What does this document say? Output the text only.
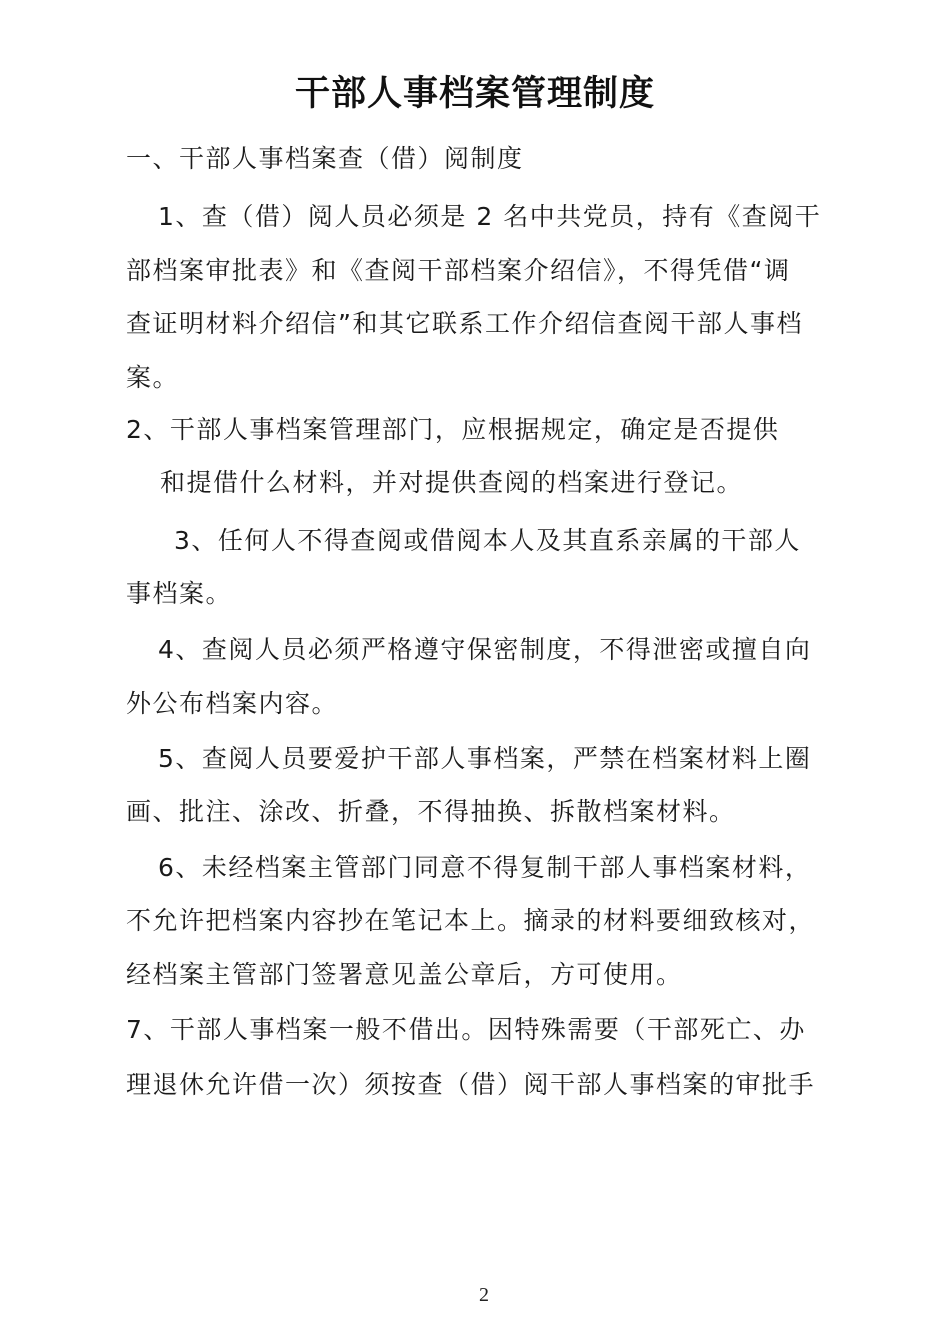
干部人事档案管理制度
一、干部人事档案查（借）阅制度
1、查（借）阅人员必须是 2 名中共党员，持有《查阅干
部档案审批表》和《查阅干部档案介绍信》，不得凭借“调
查证明材料介绍信”和其它联系工作介绍信查阅干部人事档
案。
2、干部人事档案管理部门，应根据规定，确定是否提供
和提借什么材料，并对提供查阅的档案进行登记。
3、任何人不得查阅或借阅本人及其直系亲属的干部人
事档案。
4、查阅人员必须严格遵守保密制度，不得泄密或擅自向
外公布档案内容。
5、查阅人员要爱护干部人事档案，严禁在档案材料上圈
画、批注、涂改、折叠，不得抽换、拆散档案材料。
6、未经档案主管部门同意不得复制干部人事档案材料，
不允许把档案内容抄在笔记本上。摘录的材料要细致核对，
经档案主管部门签署意见盖公章后，方可使用。
7、干部人事档案一般不借出。因特殊需要（干部死亡、办
理退休允许借一次）须按查（借）阅干部人事档案的审批手
2
